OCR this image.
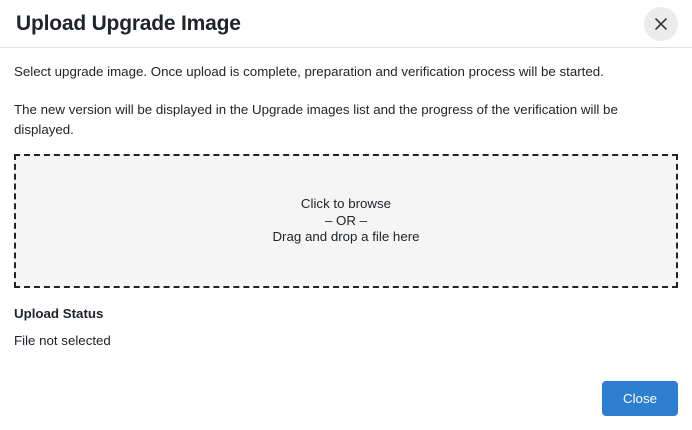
Upload Upgrade Image

Select upgrade image. Once upload is complete, preparation and verification process will be started.

The new version will be displayed in the Upgrade images list and the progress of the verification will be displayed.

Click to browse
– OR –
Drag and drop a file here
Upload Status
File not selected
Close
